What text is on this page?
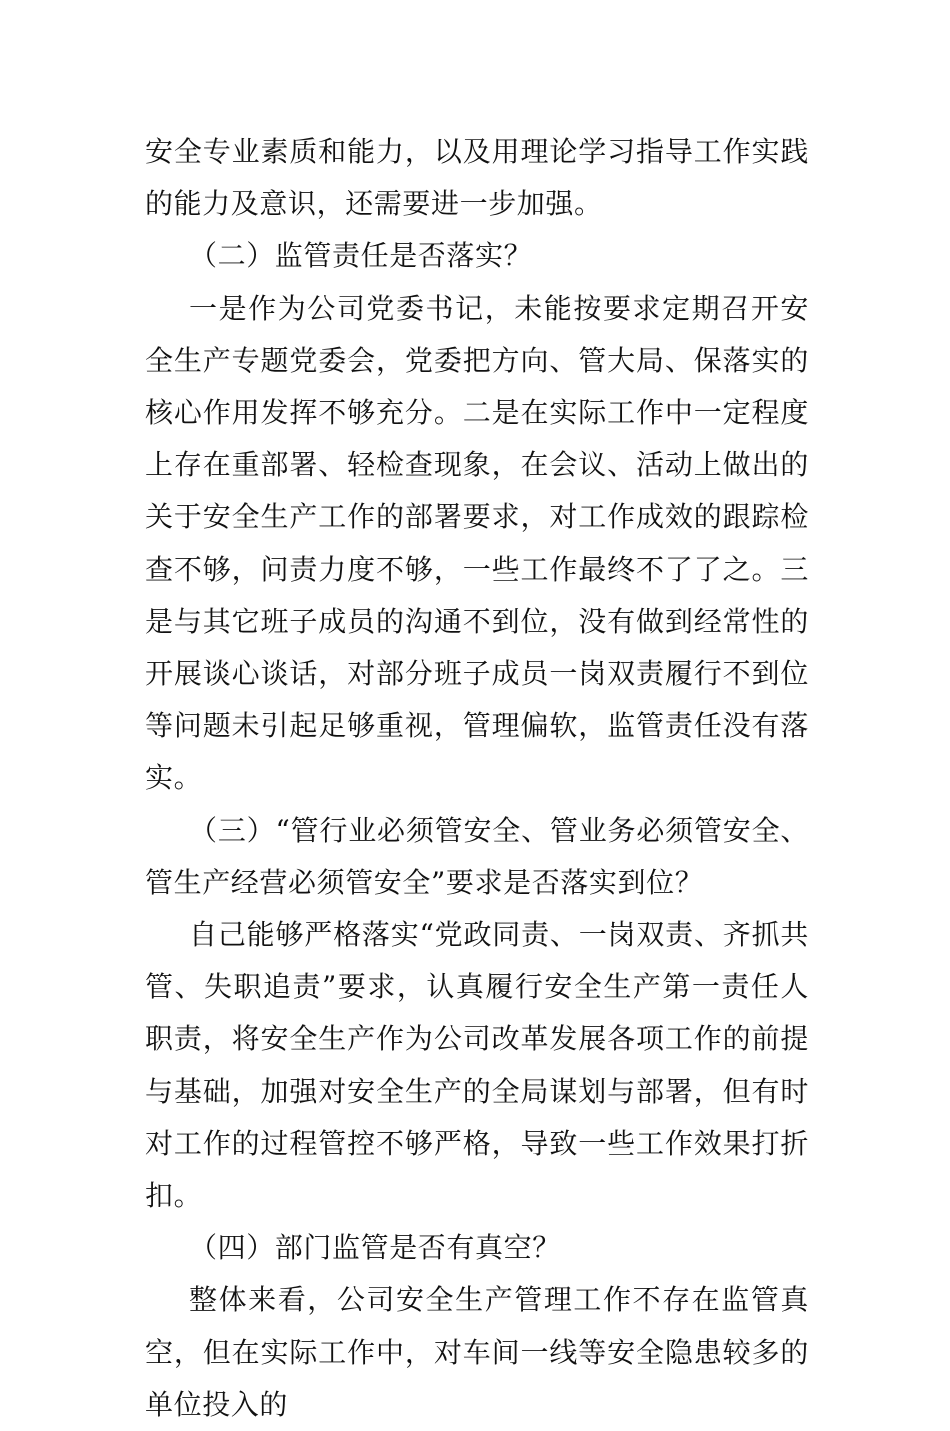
安全专业素质和能力，以及用理论学习指导工作实践的能力及意识，还需要进一步加强。

（二）监管责任是否落实？

一是作为公司党委书记，未能按要求定期召开安全生产专题党委会，党委把方向、管大局、保落实的核心作用发挥不够充分。二是在实际工作中一定程度上存在重部署、轻检查现象，在会议、活动上做出的关于安全生产工作的部署要求，对工作成效的跟踪检查不够，问责力度不够，一些工作最终不了了之。三是与其它班子成员的沟通不到位，没有做到经常性的开展谈心谈话，对部分班子成员一岗双责履行不到位等问题未引起足够重视，管理偏软，监管责任没有落实。

（三）“管行业必须管安全、管业务必须管安全、管生产经营必须管安全”要求是否落实到位？

自己能够严格落实“党政同责、一岗双责、齐抓共管、失职追责”要求，认真履行安全生产第一责任人职责，将安全生产作为公司改革发展各项工作的前提与基础，加强对安全生产的全局谋划与部署，但有时对工作的过程管控不够严格，导致一些工作效果打折扣。

（四）部门监管是否有真空？

整体来看，公司安全生产管理工作不存在监管真空，但在实际工作中，对车间一线等安全隐患较多的单位投入的
